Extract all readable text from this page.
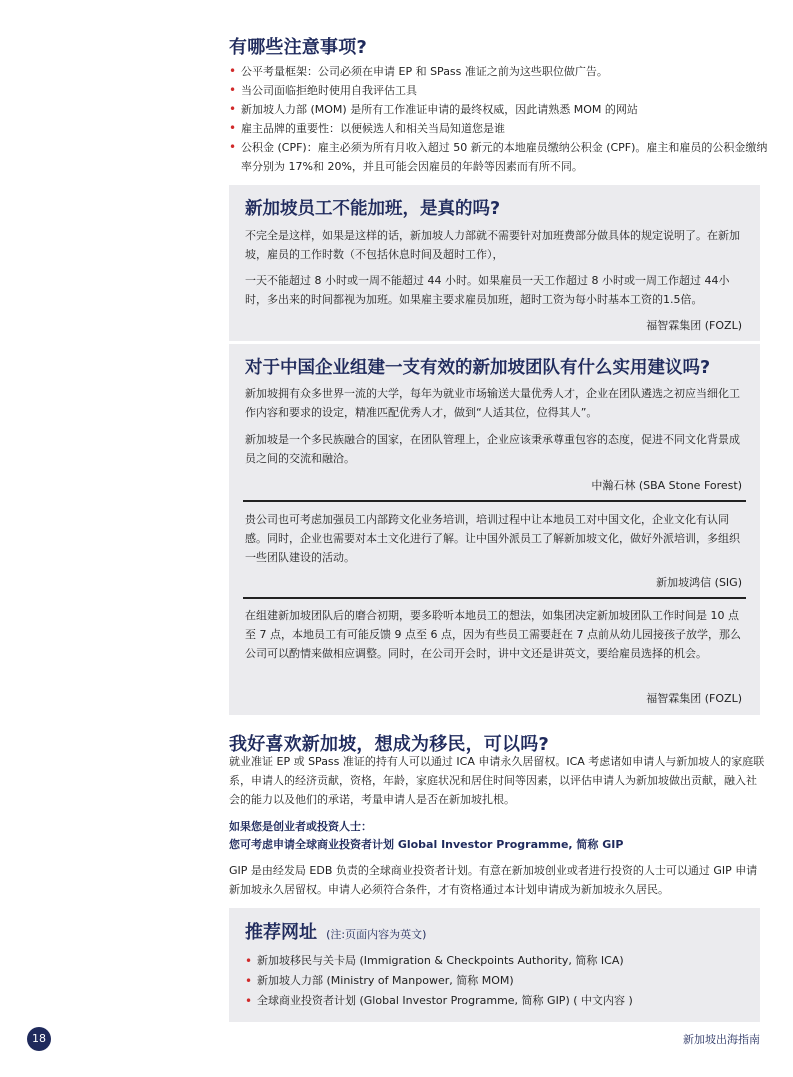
有哪些注意事项?
• 公平考量框架：公司必须在申请 EP 和 SPass 准证之前为这些职位做广告。
• 当公司面临拒绝时使用自我评估工具
• 新加坡人力部 (MOM) 是所有工作准证申请的最终权威，因此请熟悉 MOM 的网站
• 雇主品牌的重要性：以便候选人和相关当局知道您是谁
• 公积金 (CPF)：雇主必须为所有月收入超过 50 新元的本地雇员缴纳公积金 (CPF)。雇主和雇员的公积金缴纳率分别为 17%和 20%，并且可能会因雇员的年龄等因素而有所不同。
新加坡员工不能加班，是真的吗?

不完全是这样，如果是这样的话，新加坡人力部就不需要针对加班费部分做具体的规定说明了。在新加坡，雇员的工作时数（不包括休息时间及超时工作），

一天不能超过 8 小时或一周不能超过 44 小时。如果雇员一天工作超过 8 小时或一周工作超过 44小时，多出来的时间都视为加班。如果雇主要求雇员加班，超时工资为每小时基本工资的1.5倍。

福智霖集团 (FOZL)
对于中国企业组建一支有效的新加坡团队有什么实用建议吗?

新加坡拥有众多世界一流的大学，每年为就业市场输送大量优秀人才，企业在团队遴选之初应当细化工作内容和要求的设定，精准匹配优秀人才，做到“人适其位，位得其人”。

新加坡是一个多民族融合的国家，在团队管理上，企业应该秉承尊重包容的态度，促进不同文化背景成员之间的交流和融洽。

中瀚石林 (SBA Stone Forest)

贵公司也可考虑加强员工内部跨文化业务培训，培训过程中让本地员工对中国文化，企业文化有认同感。同时，企业也需要对本土文化进行了解。让中国外派员工了解新加坡文化，做好外派培训，多组织一些团队建设的活动。

新加坡鸿信 (SIG)

在组建新加坡团队后的磨合初期，要多聆听本地员工的想法，如集团决定新加坡团队工作时间是 10 点至 7 点，本地员工有可能反馈 9 点至 6 点，因为有些员工需要赶在 7 点前从幼儿园接孩子放学，那么公司可以酌情来做相应调整。同时，在公司开会时，讲中文还是讲英文，要给雇员选择的机会。

福智霖集团 (FOZL)
我好喜欢新加坡，想成为移民，可以吗?

就业准证 EP 或 SPass 准证的持有人可以通过 ICA 申请永久居留权。ICA 考虑诸如申请人与新加坡人的家庭联系，申请人的经济贡献，资格，年龄，家庭状况和居住时间等因素，以评估申请人为新加坡做出贡献，融入社会的能力以及他们的承诺，考量申请人是否在新加坡扎根。

如果您是创业者或投资人士：

您可考虑申请全球商业投资者计划 Global Investor Programme, 简称 GIP

GIP 是由经发局 EDB 负责的全球商业投资者计划。有意在新加坡创业或者进行投资的人士可以通过 GIP 申请新加坡永久居留权。申请人必须符合条件，才有资格通过本计划申请成为新加坡永久居民。

推荐网址 (注:页面内容为英文)
• 新加坡移民与关卡局 (Immigration & Checkpoints Authority, 简称 ICA)
• 新加坡人力部 (Ministry of Manpower, 简称 MOM)
• 全球商业投资者计划 (Global Investor Programme, 简称 GIP) ( 中文内容 )
18	新加坡出海指南
